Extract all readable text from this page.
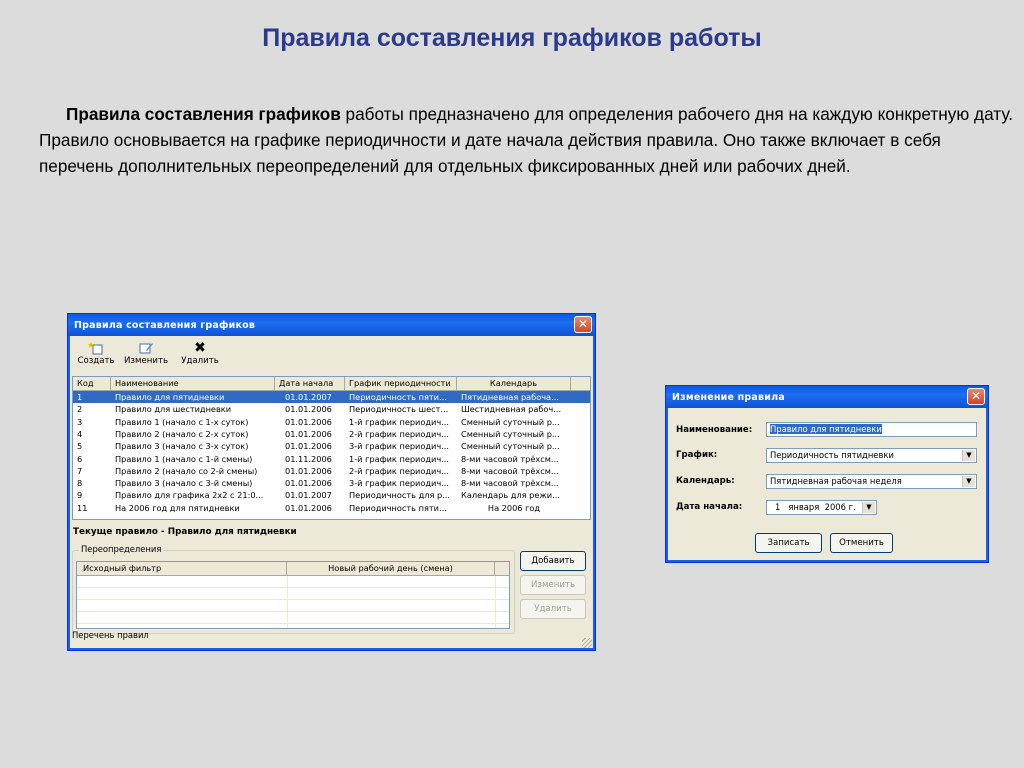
Правила составления графиков работы
Правила составления графиков работы предназначено для определения рабочего дня на каждую конкретную дату. Правило основывается на графике периодичности и дате начала действия правила. Оно также включает в себя перечень дополнительных переопределений для отдельных фиксированных дней или рабочих дней.
Правила составления графиков	✕
Создать Изменить
✖
Удалить
Код	Наименование	Дата начала	График периодичности	Календарь
1	Правило для пятидневки	01.01.2007	Периодичность пяти...	Пятидневная рабоча...
2	Правило для шестидневки	01.01.2006	Периодичность шест...	Шестидневная рабоч...
3	Правило 1 (начало с 1-х суток)	01.01.2006	1-й график периодич...	Сменный суточный р...
4	Правило 2 (начало с 2-х суток)	01.01.2006	2-й график периодич...	Сменный суточный р...
5	Правило 3 (начало с 3-х суток)	01.01.2006	3-й график периодич...	Сменный суточный р...
6	Правило 1 (начало с 1-й смены)	01.11.2006	1-й график периодич...	8-ми часовой трёхсм...
7	Правило 2 (начало со 2-й смены)	01.01.2006	2-й график периодич...	8-ми часовой трёхсм...
8	Правило 3 (начало с 3-й смены)	01.01.2006	3-й график периодич...	8-ми часовой трёхсм...
9	Правило для графика 2x2 с 21:0...	01.01.2007	Периодичность для р...	Календарь для режи...
11	На 2006 год для пятидневки	01.01.2006	Периодичность пяти...	На 2006 год
Текуще правило - Правило для пятидневки
Переопределения
Исходный фильтр	Новый рабочий день (смена)
Добавить
Изменить
Удалить
Перечень правил
Изменение правила	✕
Наименование:	Правило для пятидневки
График:	Периодичность пятидневки	▼
Календарь:	Пятидневная рабочая неделя	▼
Дата начала:	1 января 2006 г.	▼
Записать	Отменить
